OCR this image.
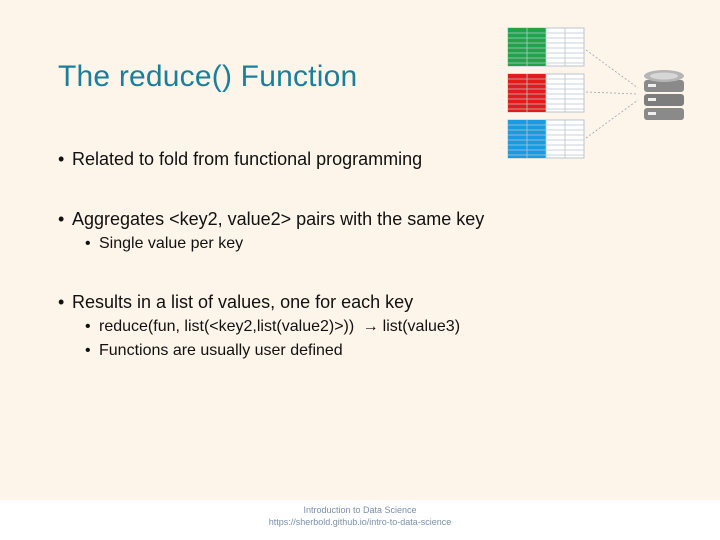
The reduce() Function
• Related to fold from functional programming
• Aggregates <key2, value2> pairs with the same key
• Single value per key
• Results in a list of values, one for each key
• reduce(fun, list(<key2,list(value2)>)) → list(value3)
• Functions are usually user defined
Introduction to Data Science
https://sherbold.github.io/intro-to-data-science
